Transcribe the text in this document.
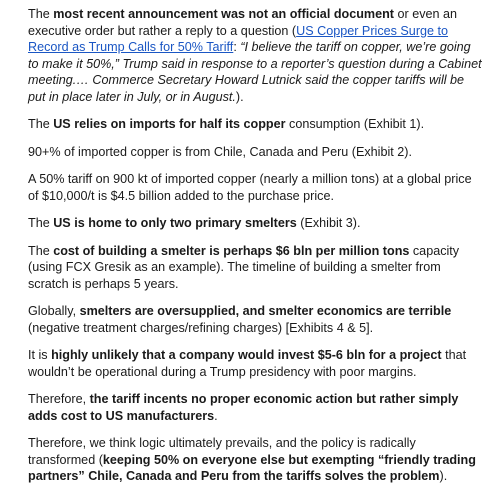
The most recent announcement was not an official document or even an executive order but rather a reply to a question (US Copper Prices Surge to Record as Trump Calls for 50% Tariff: “I believe the tariff on copper, we’re going to make it 50%,” Trump said in response to a reporter’s question during a Cabinet meeting.… Commerce Secretary Howard Lutnick said the copper tariffs will be put in place later in July, or in August.).

The US relies on imports for half its copper consumption (Exhibit 1).

90+% of imported copper is from Chile, Canada and Peru (Exhibit 2).

A 50% tariff on 900 kt of imported copper (nearly a million tons) at a global price of $10,000/t is $4.5 billion added to the purchase price.

The US is home to only two primary smelters (Exhibit 3).

The cost of building a smelter is perhaps $6 bln per million tons capacity (using FCX Gresik as an example). The timeline of building a smelter from scratch is perhaps 5 years.

Globally, smelters are oversupplied, and smelter economics are terrible (negative treatment charges/refining charges) [Exhibits 4 & 5].

It is highly unlikely that a company would invest $5-6 bln for a project that wouldn’t be operational during a Trump presidency with poor margins.

Therefore, the tariff incents no proper economic action but rather simply adds cost to US manufacturers.

Therefore, we think logic ultimately prevails, and the policy is radically transformed (keeping 50% on everyone else but exempting “friendly trading partners” Chile, Canada and Peru from the tariffs solves the problem).
